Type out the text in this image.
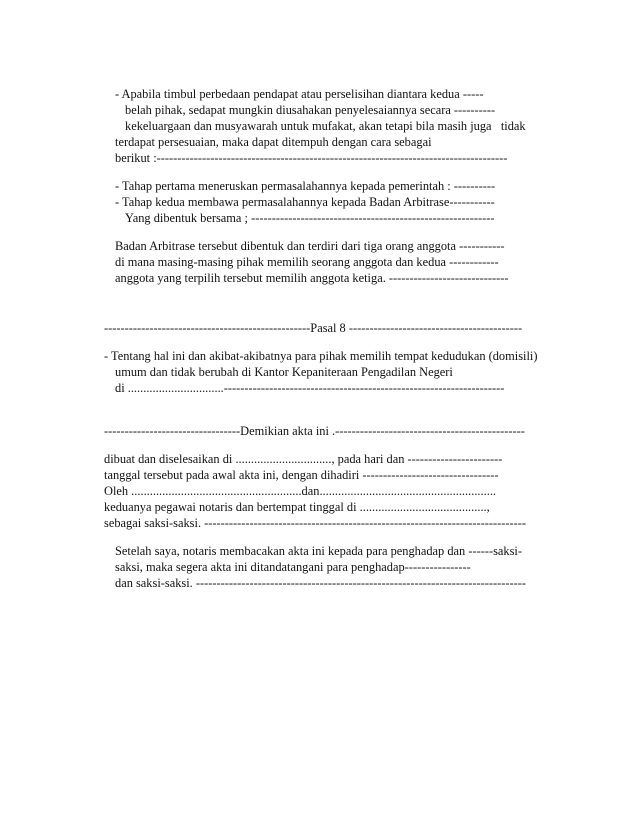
- Apabila timbul perbedaan pendapat atau perselisihan diantara kedua -----
belah pihak, sedapat mungkin diusahakan penyelesaiannya secara ----------
kekeluargaan dan musyawarah untuk mufakat, akan tetapi bila masih juga   tidak
terdapat persesuaian, maka dapat ditempuh dengan cara sebagai
berikut :-------------------------------------------------------------------------------------
- Tahap pertama meneruskan permasalahannya kepada pemerintah : ----------
- Tahap kedua membawa permasalahannya kepada Badan Arbitrase-----------
Yang dibentuk bersama ; -----------------------------------------------------------
Badan Arbitrase tersebut dibentuk dan terdiri dari tiga orang anggota -----------
di mana masing-masing pihak memilih seorang anggota dan kedua ------------
anggota yang terpilih tersebut memilih anggota ketiga. -----------------------------
--------------------------------------------------Pasal 8 ------------------------------------------
- Tentang hal ini dan akibat-akibatnya para pihak memilih tempat kedudukan (domisili)
umum dan tidak berubah di Kantor Kepaniteraan Pengadilan Negeri
di ...............................--------------------------------------------------------------------
---------------------------------Demikian akta ini .----------------------------------------------
dibuat dan diselesaikan di ..............................., pada hari dan -----------------------
tanggal tersebut pada awal akta ini, dengan dihadiri ---------------------------------
Oleh .......................................................dan.........................................................
keduanya pegawai notaris dan bertempat tinggal di .........................................,
sebagai saksi-saksi. ------------------------------------------------------------------------------
Setelah saya, notaris membacakan akta ini kepada para penghadap dan ------saksi-
saksi, maka segera akta ini ditandatangani para penghadap----------------
dan saksi-saksi. --------------------------------------------------------------------------------
